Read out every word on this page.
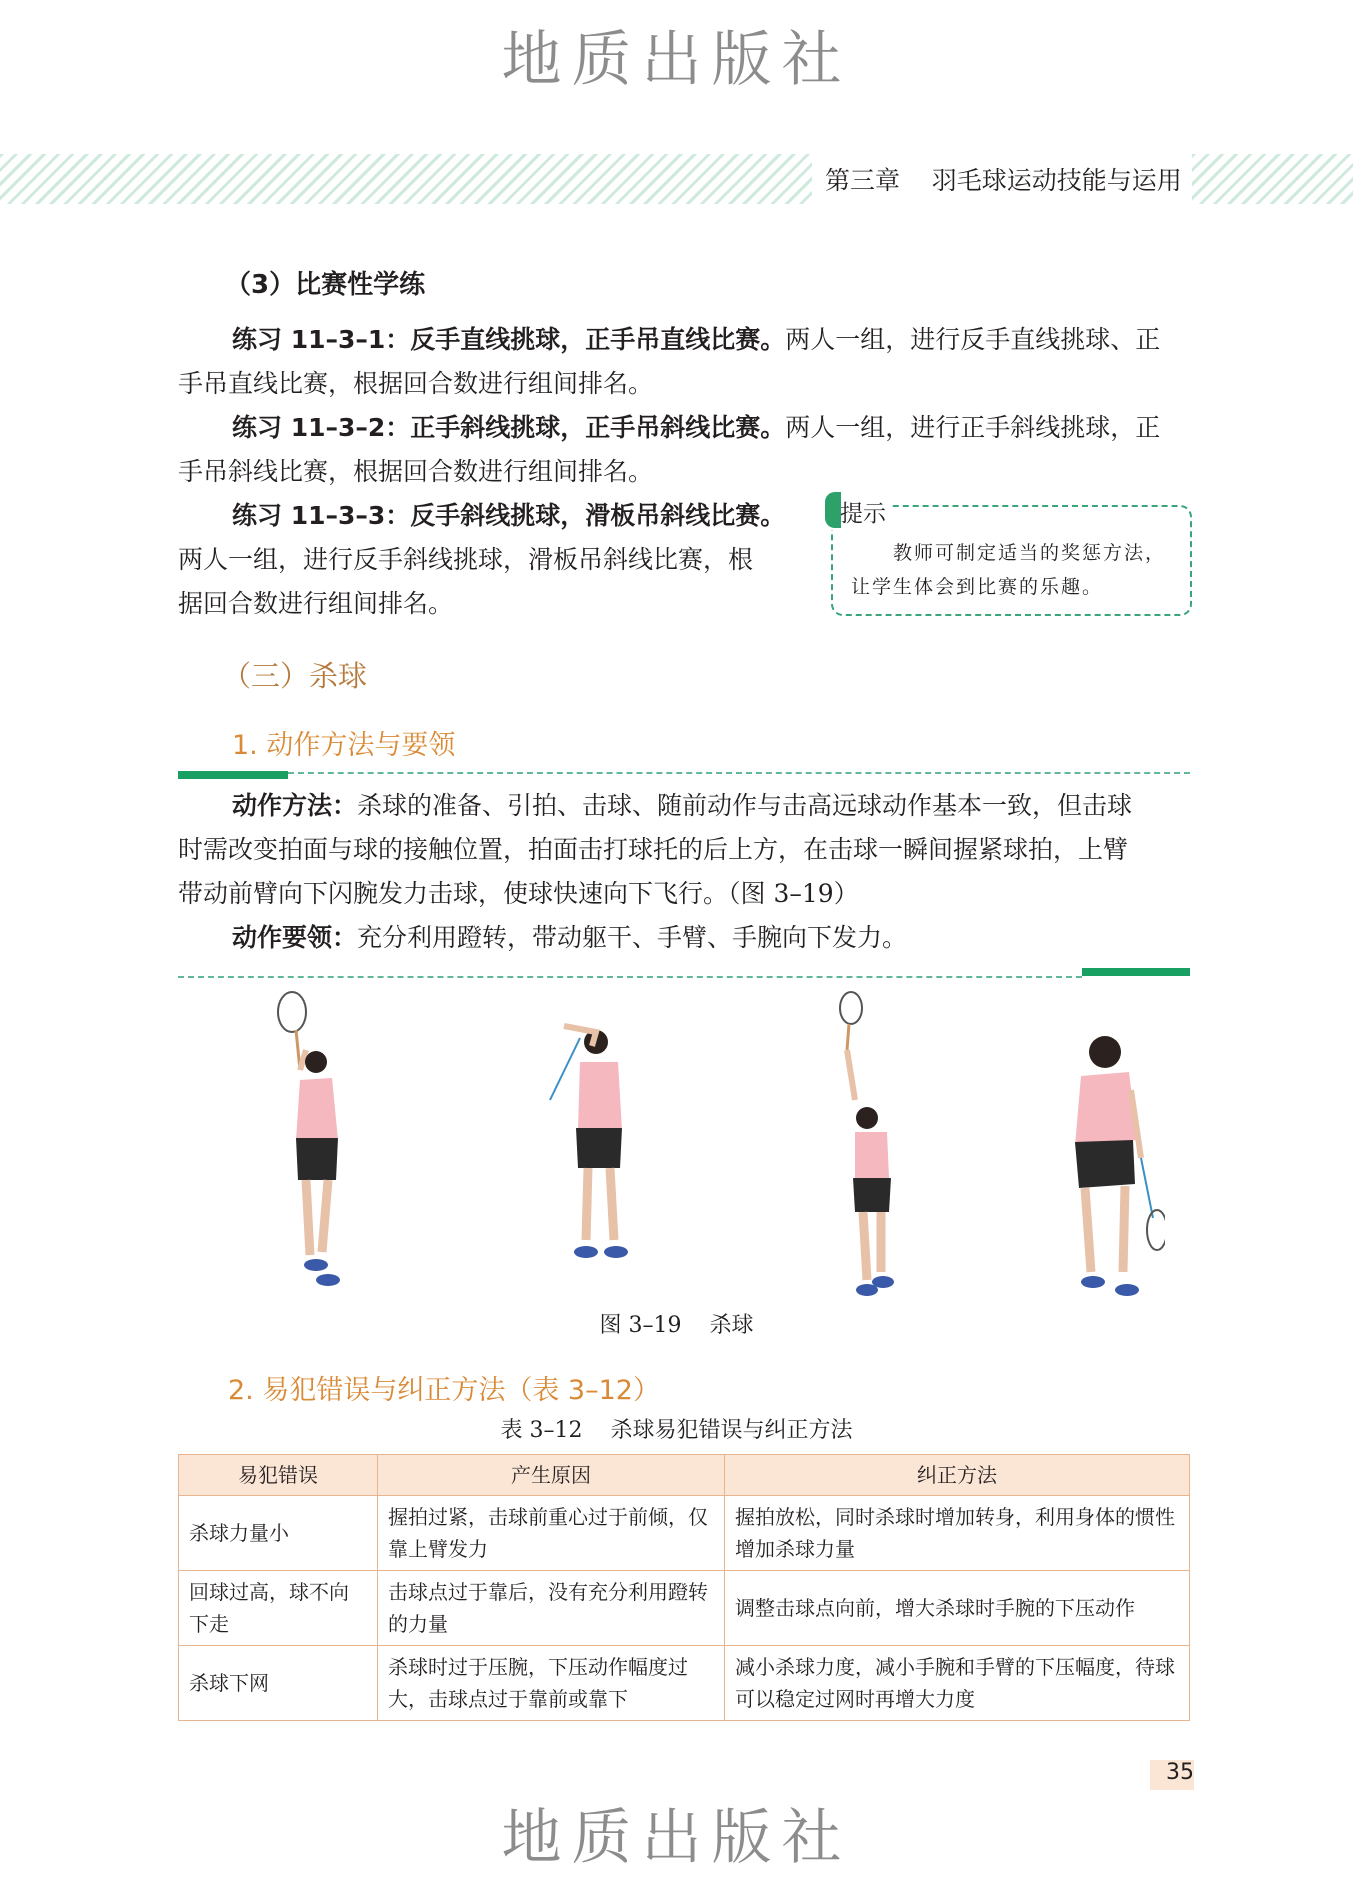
地质出版社
第三章    羽毛球运动技能与运用
（3）比赛性学练
练习 11–3–1：反手直线挑球，正手吊直线比赛。两人一组，进行反手直线挑球、正
手吊直线比赛，根据回合数进行组间排名。
练习 11–3–2：正手斜线挑球，正手吊斜线比赛。两人一组，进行正手斜线挑球，正
手吊斜线比赛，根据回合数进行组间排名。
练习 11–3–3：反手斜线挑球，滑板吊斜线比赛。
两人一组，进行反手斜线挑球，滑板吊斜线比赛，根
据回合数进行组间排名。
提示
教师可制定适当的奖惩方法，让学生体会到比赛的乐趣。
（三）杀球
1. 动作方法与要领
动作方法：杀球的准备、引拍、击球、随前动作与击高远球动作基本一致，但击球
时需改变拍面与球的接触位置，拍面击打球托的后上方，在击球一瞬间握紧球拍，上臂
带动前臂向下闪腕发力击球，使球快速向下飞行。（图 3–19）
动作要领：充分利用蹬转，带动躯干、手臂、手腕向下发力。
图 3–19    杀球
2. 易犯错误与纠正方法（表 3–12）
表 3–12    杀球易犯错误与纠正方法
易犯错误	产生原因	纠正方法
杀球力量小	握拍过紧，击球前重心过于前倾，仅靠上臂发力	握拍放松，同时杀球时增加转身，利用身体的惯性增加杀球力量
回球过高，球不向下走	击球点过于靠后，没有充分利用蹬转的力量	调整击球点向前，增大杀球时手腕的下压动作
杀球下网	杀球时过于压腕，下压动作幅度过大，击球点过于靠前或靠下	减小杀球力度，减小手腕和手臂的下压幅度，待球可以稳定过网时再增大力度
35
地质出版社
